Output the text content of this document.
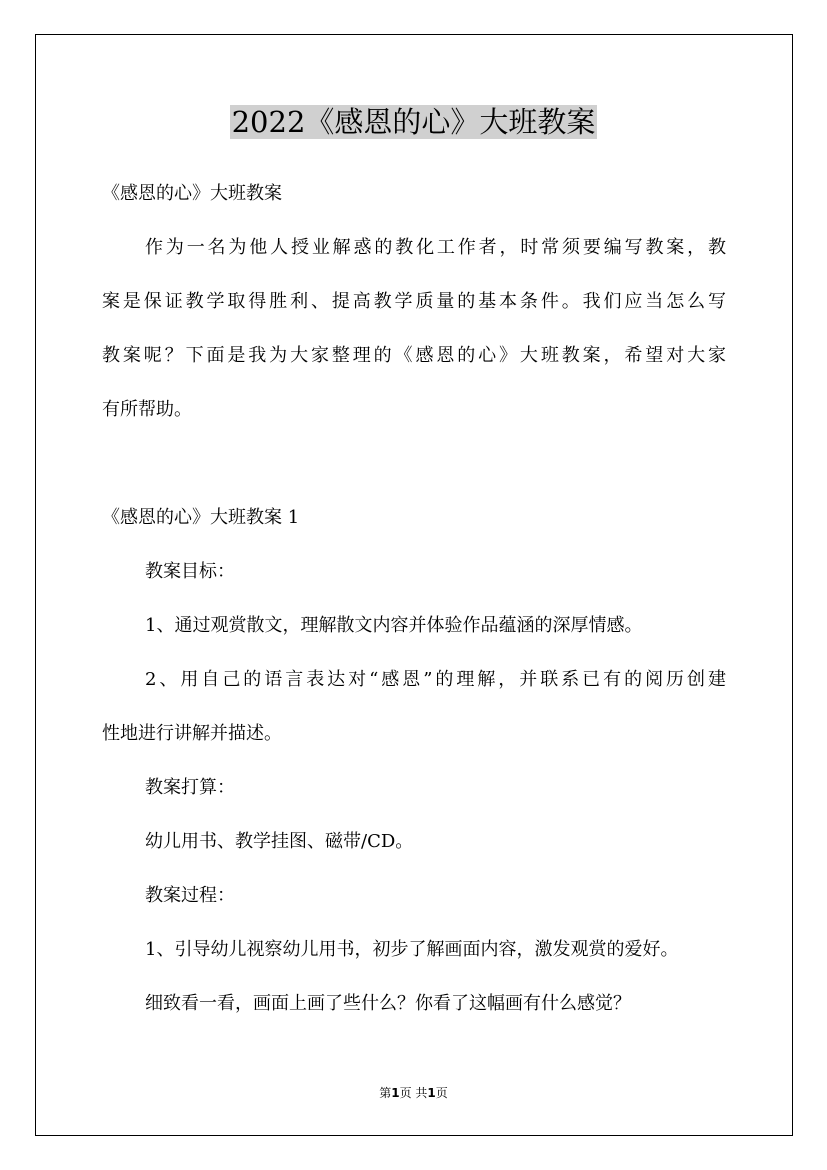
2022《感恩的心》大班教案

《感恩的心》大班教案

作为一名为他人授业解惑的教化工作者，时常须要编写教案，教

案是保证教学取得胜利、提高教学质量的基本条件。我们应当怎么写

教案呢？下面是我为大家整理的《感恩的心》大班教案，希望对大家

有所帮助。

《感恩的心》大班教案 1

教案目标：

1、通过观赏散文，理解散文内容并体验作品蕴涵的深厚情感。

2、用自己的语言表达对“感恩”的理解，并联系已有的阅历创建

性地进行讲解并描述。

教案打算：

幼儿用书、教学挂图、磁带/CD。

教案过程：

1、引导幼儿视察幼儿用书，初步了解画面内容，激发观赏的爱好。

细致看一看，画面上画了些什么？你看了这幅画有什么感觉？

第1页 共1页
